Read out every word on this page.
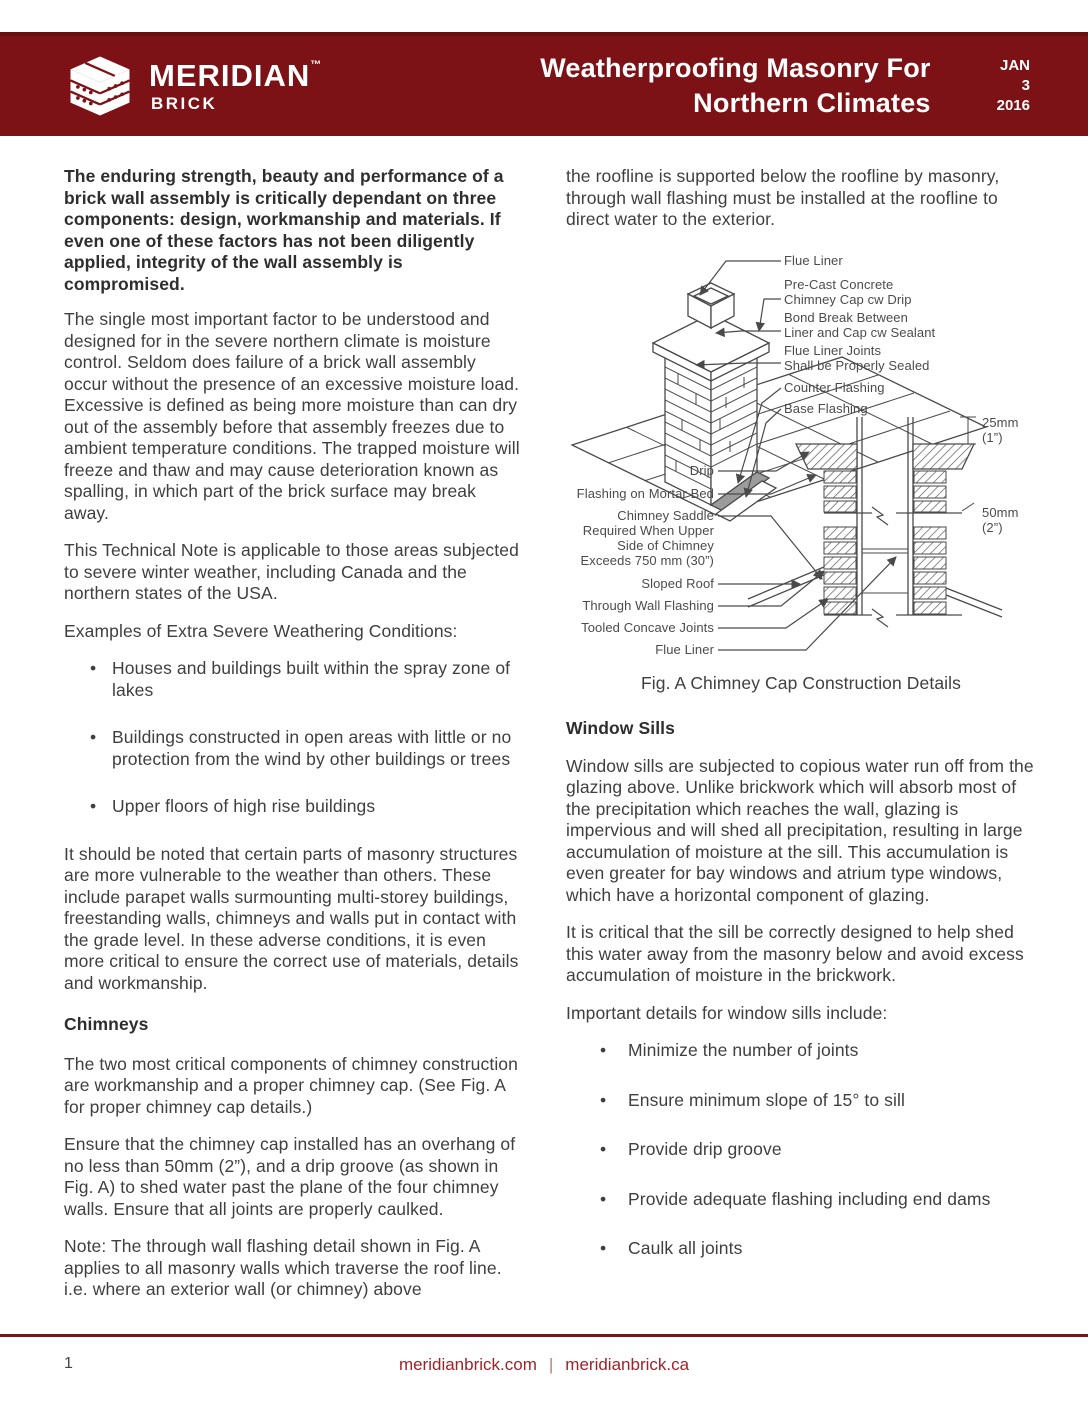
MERIDIAN™
BRICK
Weatherproofing Masonry For
Northern Climates
JAN
3
2016

The enduring strength, beauty and performance of a brick wall assembly is critically dependant on three components: design, workmanship and materials. If even one of these factors has not been diligently applied, integrity of the wall assembly is compromised.

The single most important factor to be understood and designed for in the severe northern climate is moisture control. Seldom does failure of a brick wall assembly occur without the presence of an excessive moisture load. Excessive is defined as being more moisture than can dry out of the assembly before that assembly freezes due to ambient temperature conditions. The trapped moisture will freeze and thaw and may cause deterioration known as spalling, in which part of the brick surface may break away.

This Technical Note is applicable to those areas subjected to severe winter weather, including Canada and the northern states of the USA.

Examples of Extra Severe Weathering Conditions:

• Houses and buildings built within the spray zone of lakes
• Buildings constructed in open areas with little or no protection from the wind by other buildings or trees
• Upper floors of high rise buildings

It should be noted that certain parts of masonry structures are more vulnerable to the weather than others. These include parapet walls surmounting multi-storey buildings, freestanding walls, chimneys and walls put in contact with the grade level. In these adverse conditions, it is even more critical to ensure the correct use of materials, details and workmanship.

Chimneys

The two most critical components of chimney construction are workmanship and a proper chimney cap. (See Fig. A for proper chimney cap details.)

Ensure that the chimney cap installed has an overhang of no less than 50mm (2”), and a drip groove (as shown in Fig. A) to shed water past the plane of the four chimney walls. Ensure that all joints are properly caulked.

Note: The through wall flashing detail shown in Fig. A applies to all masonry walls which traverse the roof line. i.e. where an exterior wall (or chimney) above

the roofline is supported below the roofline by masonry, through wall flashing must be installed at the roofline to direct water to the exterior.

Flue Liner
Pre-Cast Concrete
Chimney Cap cw Drip
Bond Break Between
Liner and Cap cw Sealant
Flue Liner Joints
Shall be Properly Sealed
Counter Flashing
Base Flashing
Drip
Flashing on Mortar Bed
Chimney Saddle
Required When Upper
Side of Chimney
Exceeds 750 mm (30”)
Sloped Roof
Through Wall Flashing
Tooled Concave Joints
Flue Liner
25mm
(1”)
50mm
(2”)

Fig. A Chimney Cap Construction Details

Window Sills

Window sills are subjected to copious water run off from the glazing above. Unlike brickwork which will absorb most of the precipitation which reaches the wall, glazing is impervious and will shed all precipitation, resulting in large accumulation of moisture at the sill. This accumulation is even greater for bay windows and atrium type windows, which have a horizontal component of glazing.

It is critical that the sill be correctly designed to help shed this water away from the masonry below and avoid excess accumulation of moisture in the brickwork.

Important details for window sills include:

•	Minimize the number of joints
•	Ensure minimum slope of 15° to sill
•	Provide drip groove
•	Provide adequate flashing including end dams
•	Caulk all joints
1	meridianbrick.com | meridianbrick.ca
